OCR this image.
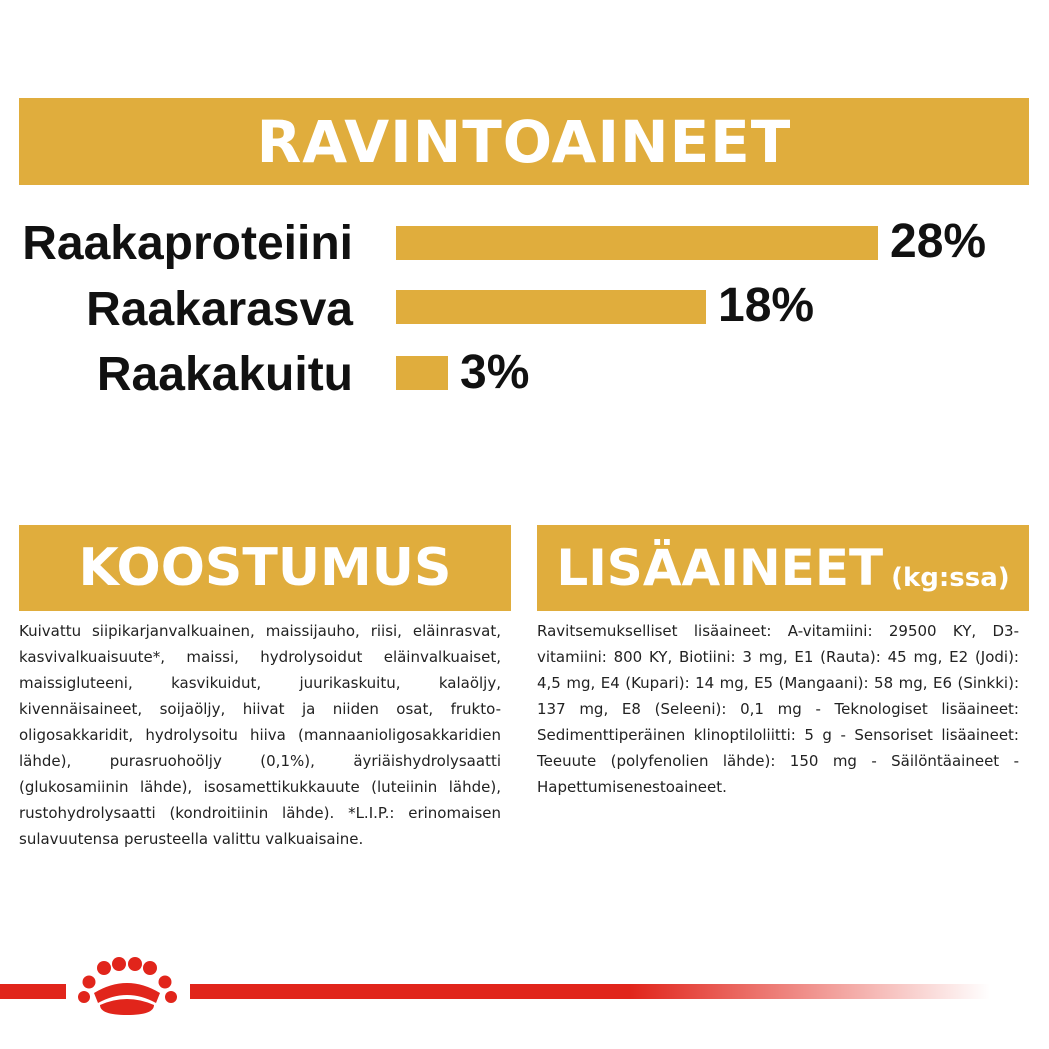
RAVINTOAINEET
Raakaproteiini	28%
Raakarasva	18%
Raakakuitu 3%
KOOSTUMUS
Kuivattu siipikarjanvalkuainen, maissijauho, riisi, eläinrasvat, kasvivalkuaisuute*, maissi, hydrolysoidut eläinvalkuaiset, maissigluteeni, kasvikuidut, juurikaskuitu, kalaöljy, kivennäisaineet, soijaöljy, hiivat ja niiden osat, frukto-oligosakkaridit, hydrolysoitu hiiva (mannaanioligosakkaridien lähde), purasruohoöljy (0,1%), äyriäishydrolysaatti (glukosamiinin lähde), isosamettikukkauute (luteiinin lähde), rustohydrolysaatti (kondroitiinin lähde). *L.I.P.: erinomaisen sulavuutensa perusteella valittu valkuaisaine.
LISÄAINEET (kg:ssa)
Ravitsemukselliset lisäaineet: A-vitamiini: 29500 KY, D3-vitamiini: 800 KY, Biotiini: 3 mg, E1 (Rauta): 45 mg, E2 (Jodi): 4,5 mg, E4 (Kupari): 14 mg, E5 (Mangaani): 58 mg, E6 (Sinkki): 137 mg, E8 (Seleeni): 0,1 mg - Teknologiset lisäaineet: Sedimenttiperäinen klinoptiloliitti: 5 g - Sensoriset lisäaineet: Teeuute (polyfenolien lähde): 150 mg - Säilöntäaineet - Hapettumisenestoaineet.
